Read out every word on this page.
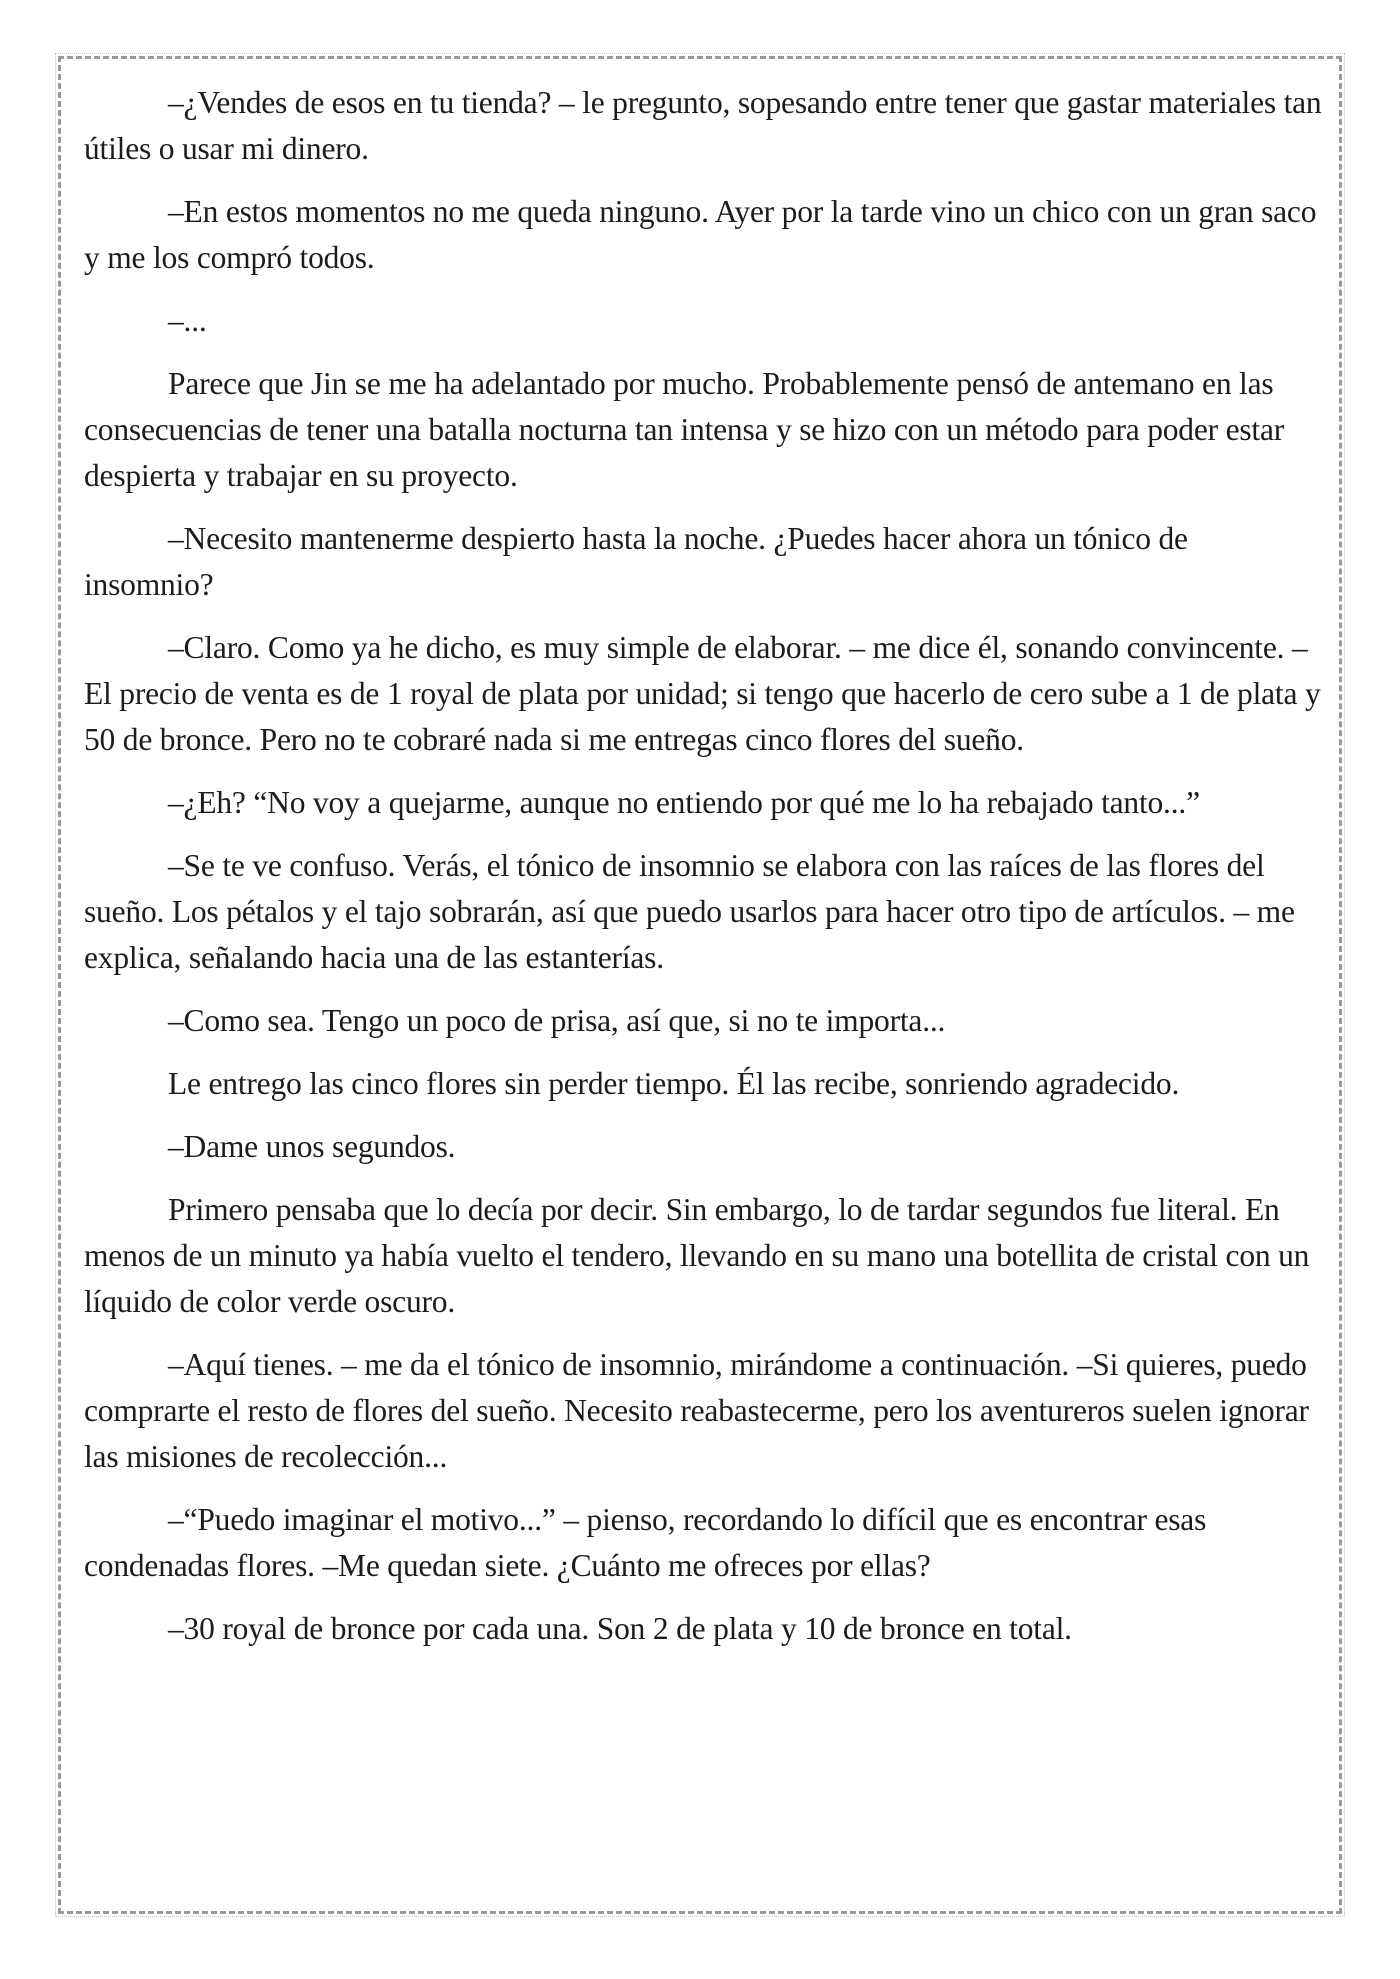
–¿Vendes de esos en tu tienda? – le pregunto, sopesando entre tener que gastar materiales tan útiles o usar mi dinero.

–En estos momentos no me queda ninguno. Ayer por la tarde vino un chico con un gran saco y me los compró todos.

–...

Parece que Jin se me ha adelantado por mucho. Probablemente pensó de antemano en las consecuencias de tener una batalla nocturna tan intensa y se hizo con un método para poder estar despierta y trabajar en su proyecto.

–Necesito mantenerme despierto hasta la noche. ¿Puedes hacer ahora un tónico de insomnio?

–Claro. Como ya he dicho, es muy simple de elaborar. – me dice él, sonando convincente. –El precio de venta es de 1 royal de plata por unidad; si tengo que hacerlo de cero sube a 1 de plata y 50 de bronce. Pero no te cobraré nada si me entregas cinco flores del sueño.

–¿Eh? “No voy a quejarme, aunque no entiendo por qué me lo ha rebajado tanto...”

–Se te ve confuso. Verás, el tónico de insomnio se elabora con las raíces de las flores del sueño. Los pétalos y el tajo sobrarán, así que puedo usarlos para hacer otro tipo de artículos. – me explica, señalando hacia una de las estanterías.

–Como sea. Tengo un poco de prisa, así que, si no te importa...

Le entrego las cinco flores sin perder tiempo. Él las recibe, sonriendo agradecido.

–Dame unos segundos.

Primero pensaba que lo decía por decir. Sin embargo, lo de tardar segundos fue literal. En menos de un minuto ya había vuelto el tendero, llevando en su mano una botellita de cristal con un líquido de color verde oscuro.

–Aquí tienes. – me da el tónico de insomnio, mirándome a continuación. –Si quieres, puedo comprarte el resto de flores del sueño. Necesito reabastecerme, pero los aventureros suelen ignorar las misiones de recolección...

–“Puedo imaginar el motivo...” – pienso, recordando lo difícil que es encontrar esas condenadas flores. –Me quedan siete. ¿Cuánto me ofreces por ellas?

–30 royal de bronce por cada una. Son 2 de plata y 10 de bronce en total.
